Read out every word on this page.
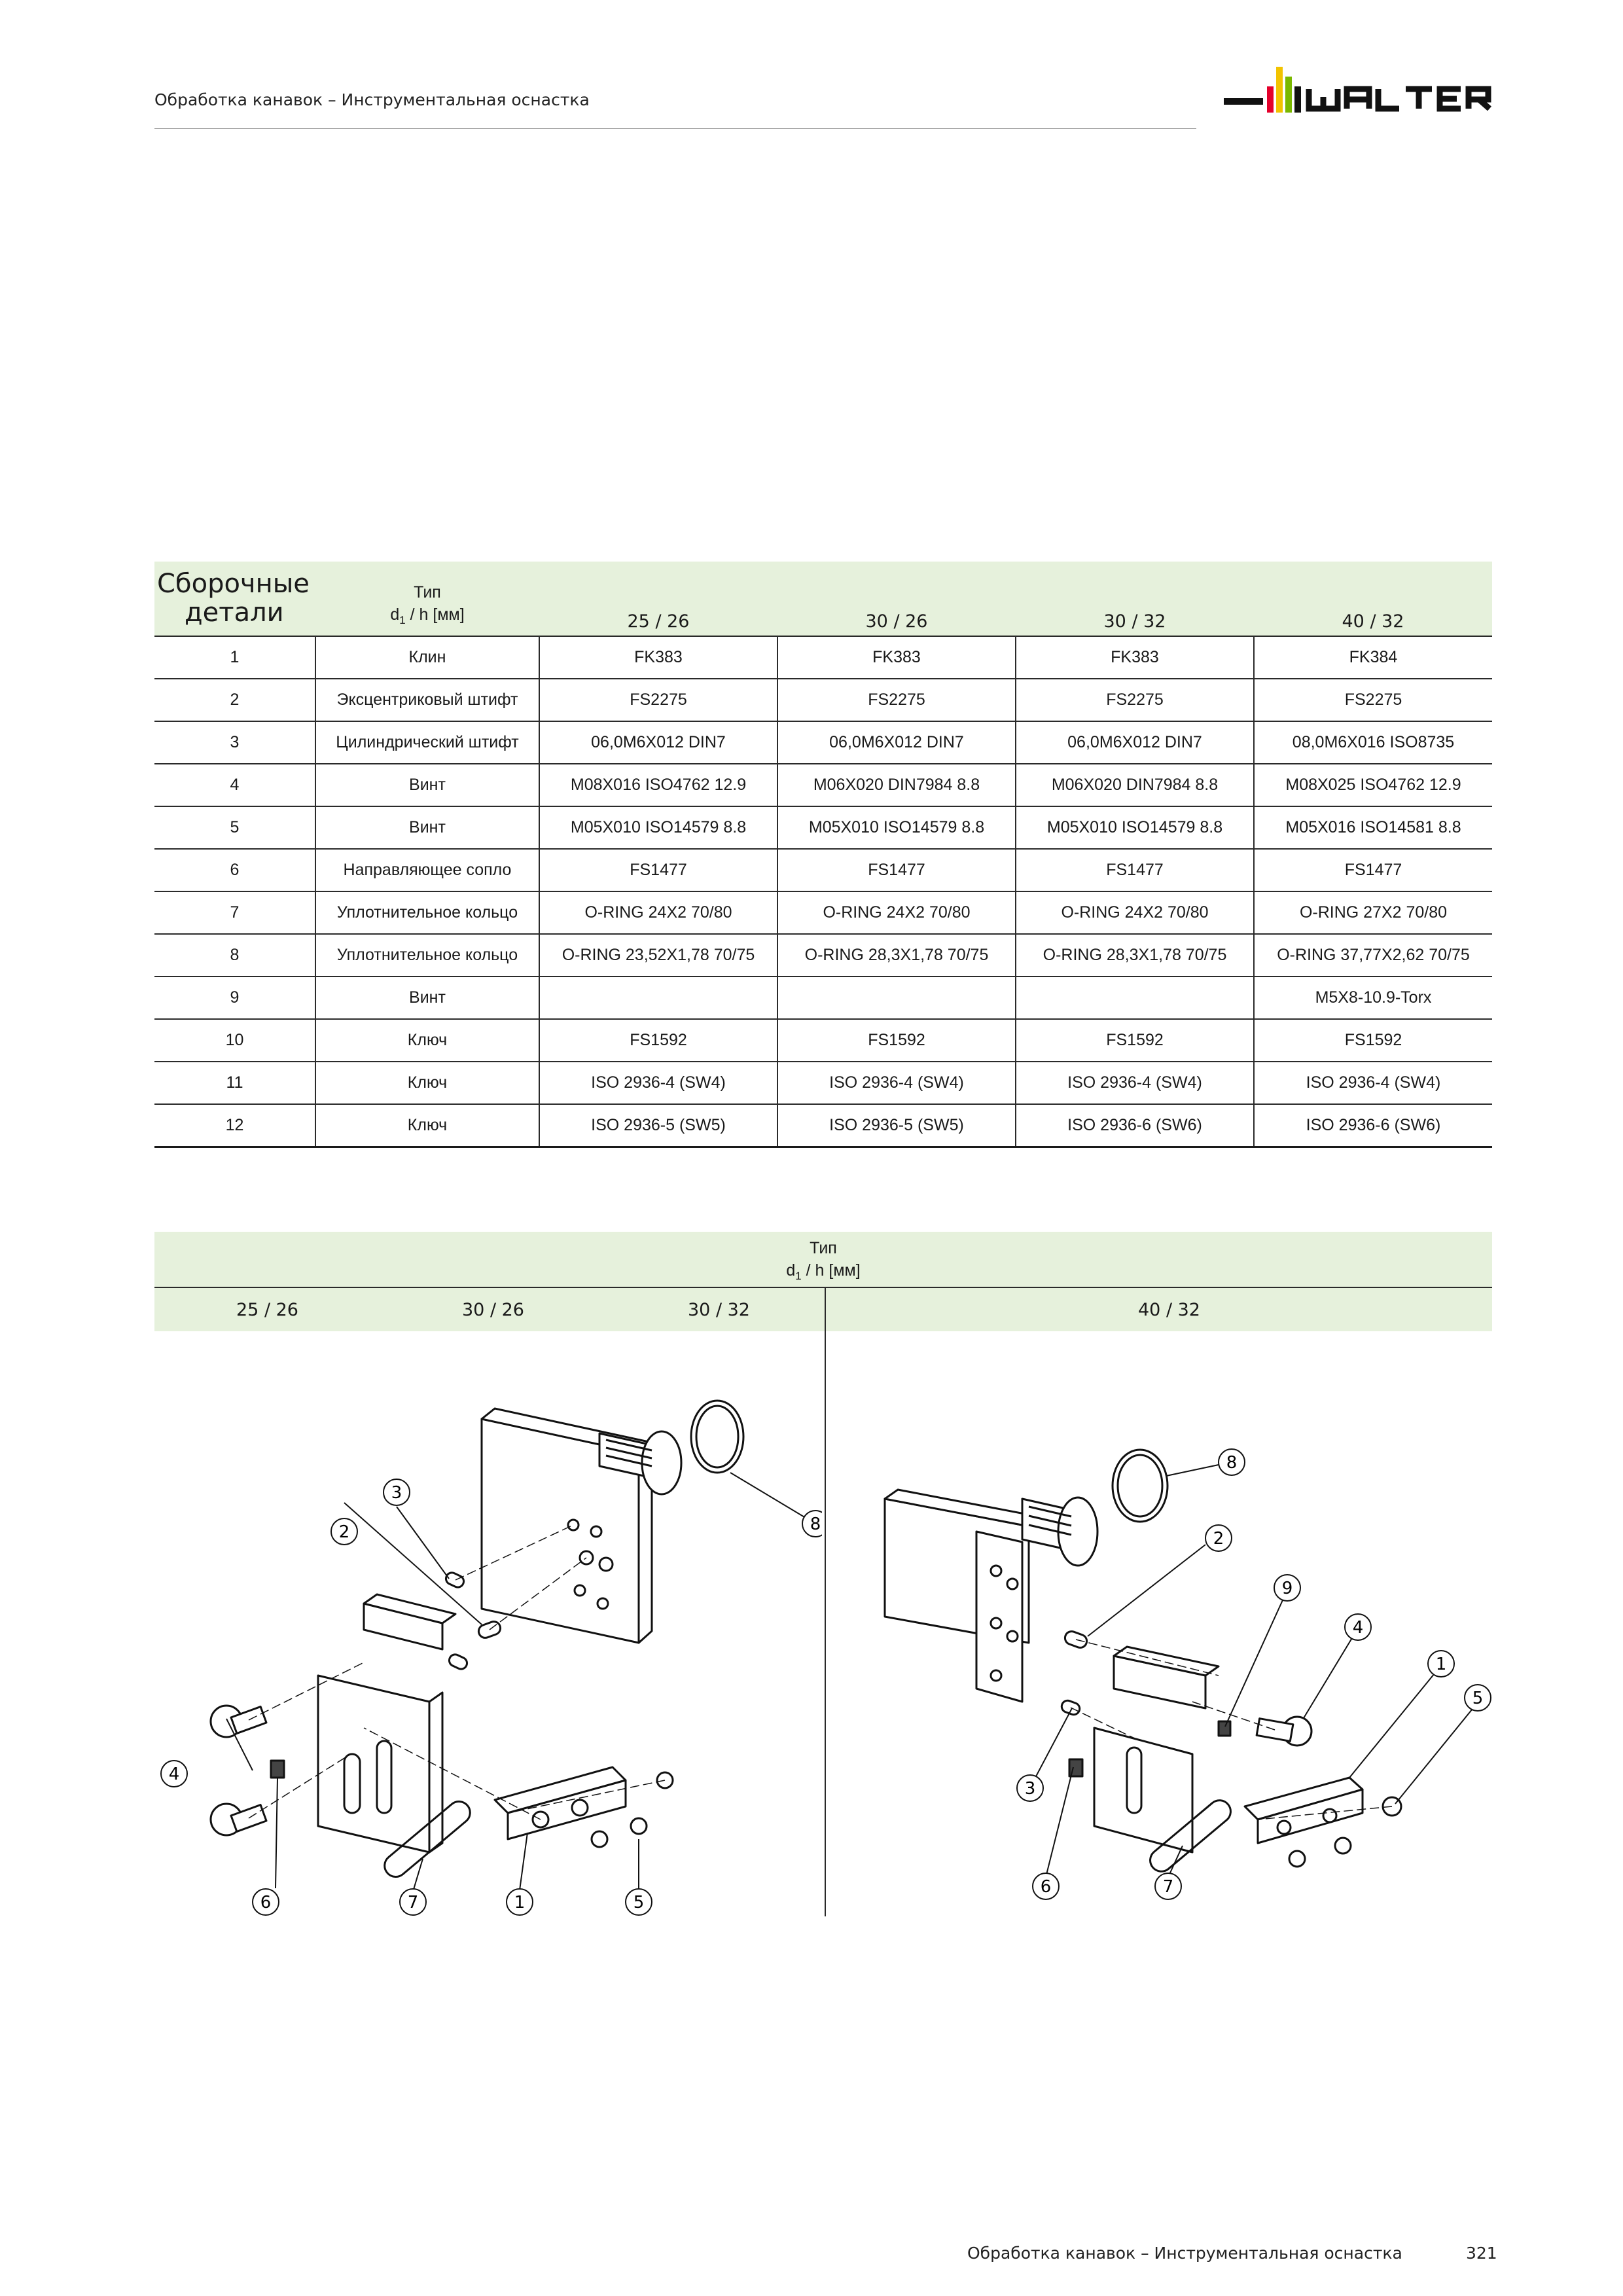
Обработка канавок – Инструментальная оснастка
Сборочные
детали	Тип
$d_1$ / h [мм]	25 / 26	30 / 26	30 / 32	40 / 32
1	Клин	FK383	FK383	FK383	FK384
2	Эксцентриковый штифт	FS2275	FS2275	FS2275	FS2275
3	Цилиндрический штифт	06,0M6X012 DIN7	06,0M6X012 DIN7	06,0M6X012 DIN7	08,0M6X016 ISO8735
4	Винт	M08X016 ISO4762 12.9	M06X020 DIN7984 8.8	M06X020 DIN7984 8.8	M08X025 ISO4762 12.9
5	Винт	M05X010 ISO14579 8.8	M05X010 ISO14579 8.8	M05X010 ISO14579 8.8	M05X016 ISO14581 8.8
6	Направляющее сопло	FS1477	FS1477	FS1477	FS1477
7	Уплотнительное кольцо	O-RING 24X2 70/80	O-RING 24X2 70/80	O-RING 24X2 70/80	O-RING 27X2 70/80
8	Уплотнительное кольцо	O-RING 23,52X1,78 70/75	O-RING 28,3X1,78 70/75	O-RING 28,3X1,78 70/75	O-RING 37,77X2,62 70/75
9	Винт				M5X8-10.9-Torx
10	Ключ	FS1592	FS1592	FS1592	FS1592
11	Ключ	ISO 2936-4 (SW4)	ISO 2936-4 (SW4)	ISO 2936-4 (SW4)	ISO 2936-4 (SW4)
12	Ключ	ISO 2936-5 (SW5)	ISO 2936-5 (SW5)	ISO 2936-6 (SW6)	ISO 2936-6 (SW6)
Тип
$d_1$ / h [мм]
25 / 26	30 / 26	30 / 32	40 / 32
3
2	8
4
6	7	1	5
8
2
9
4
1
5
3
6	7
Обработка канавок – Инструментальная оснастка	321
